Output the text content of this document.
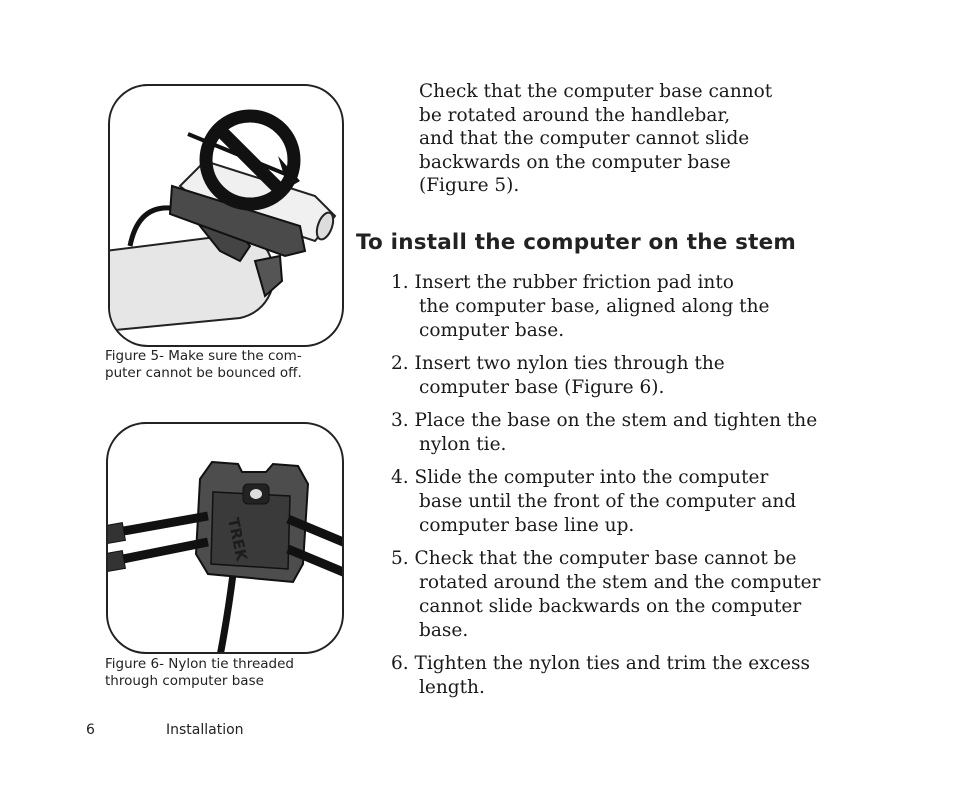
Figure 5- Make sure the com-
puter cannot be bounced off.
TREK
Figure 6- Nylon tie threaded
through computer base
Check that the computer base cannot
be rotated around the handlebar,
and that the computer cannot slide
backwards on the computer base
(Figure 5).
To install the computer on the stem
1. Insert the rubber friction pad into
the computer base, aligned along the
computer base.
2. Insert two nylon ties through the
computer base (Figure 6).
3. Place the base on the stem and tighten the
nylon tie.
4. Slide the computer into the computer
base until the front of the computer and
computer base line up.
5. Check that the computer base cannot be
rotated around the stem and the computer
cannot slide backwards on the computer
base.
6. Tighten the nylon ties and trim the excess
length.
6	Installation
